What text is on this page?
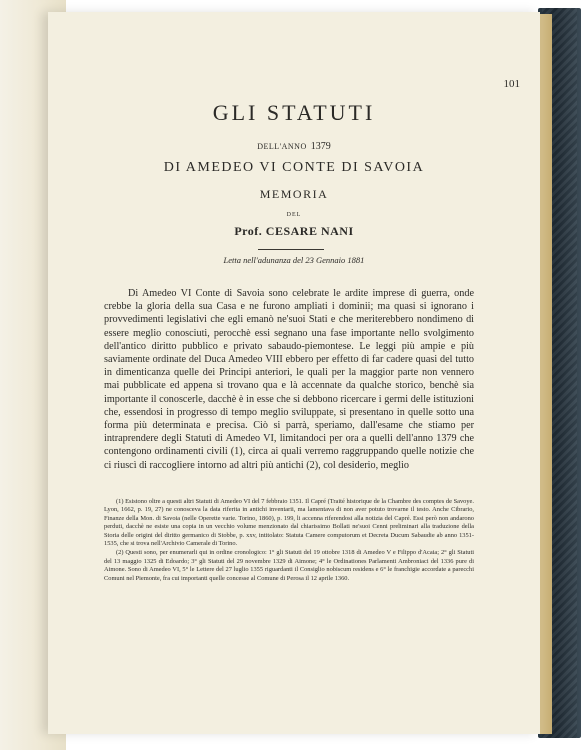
101
GLI STATUTI
DELL'ANNO 1379
DI AMEDEO VI CONTE DI SAVOIA
MEMORIA
DEL
Prof. CESARE NANI
Letta nell'adunanza del 23 Gennaio 1881

Di Amedeo VI Conte di Savoia sono celebrate le ardite imprese di guerra, onde crebbe la gloria della sua Casa e ne furono ampliati i dominii; ma quasi si ignorano i provvedimenti legislativi che egli emanò ne'suoi Stati e che meriterebbero nondimeno di essere meglio conosciuti, perocchè essi segnano una fase importante nello svolgimento dell'antico diritto pubblico e privato sabaudo-piemontese. Le leggi più ampie e più saviamente ordinate del Duca Amedeo VIII ebbero per effetto di far cadere quasi del tutto in dimenticanza quelle dei Principi anteriori, le quali per la maggior parte non vennero mai pubblicate ed appena si trovano qua e là accennate da qualche storico, benchè sia importante il conoscerle, dacchè è in esse che si debbono ricercare i germi delle istituzioni che, essendosi in progresso di tempo meglio sviluppate, si presentano in quelle sotto una forma più determinata e precisa. Ciò si parrà, speriamo, dall'esame che stiamo per intraprendere degli Statuti di Amedeo VI, limitandoci per ora a quelli dell'anno 1379 che contengono ordinamenti civili (1), circa ai quali verremo raggruppando quelle notizie che ci riuscì di raccogliere intorno ad altri più antichi (2), col desiderio, meglio

(1) Esistono oltre a questi altri Statuti di Amedeo VI del 7 febbraio 1351. Il Capré (Traité historique de la Chambre des comptes de Savoye. Lyon, 1662, p. 19, 27) ne conosceva la data riferita in antichi inventarii, ma lamentava di non aver potuto trovarne il testo. Anche Cibrario, Finanze della Mon. di Savoia (nelle Operette varie. Torino, 1860), p. 199, li accenna riferendosi alla notizia del Capré. Essi però non andarono perduti, dacchè ne esiste una copia in un vecchio volume menzionato dal chiarissimo Bollati ne'suoi Cenni preliminari alla traduzione della Storia delle origini del diritto germanico di Stobbe, p. xxv, intitolato: Statuta Camere computorum et Decreta Ducum Sabaudie ab anno 1351-1535, che si trova nell'Archivio Camerale di Torino.

(2) Questi sono, per enumerarli qui in ordine cronologico: 1° gli Statuti del 19 ottobre 1318 di Amedeo V e Filippo d'Acaia; 2° gli Statuti del 13 maggio 1325 di Edoardo; 3° gli Statuti del 29 novembre 1329 di Aimone; 4° le Ordinationes Parlamenti Ambroniaci del 1336 pure di Aimone. Sono di Amedeo VI, 5° le Lettere del 27 luglio 1355 riguardanti il Consiglio nobiscum residens e 6° le franchigie accordate a parecchi Comuni nel Piemonte, fra cui importanti quelle concesse al Comune di Perosa il 12 aprile 1360.
